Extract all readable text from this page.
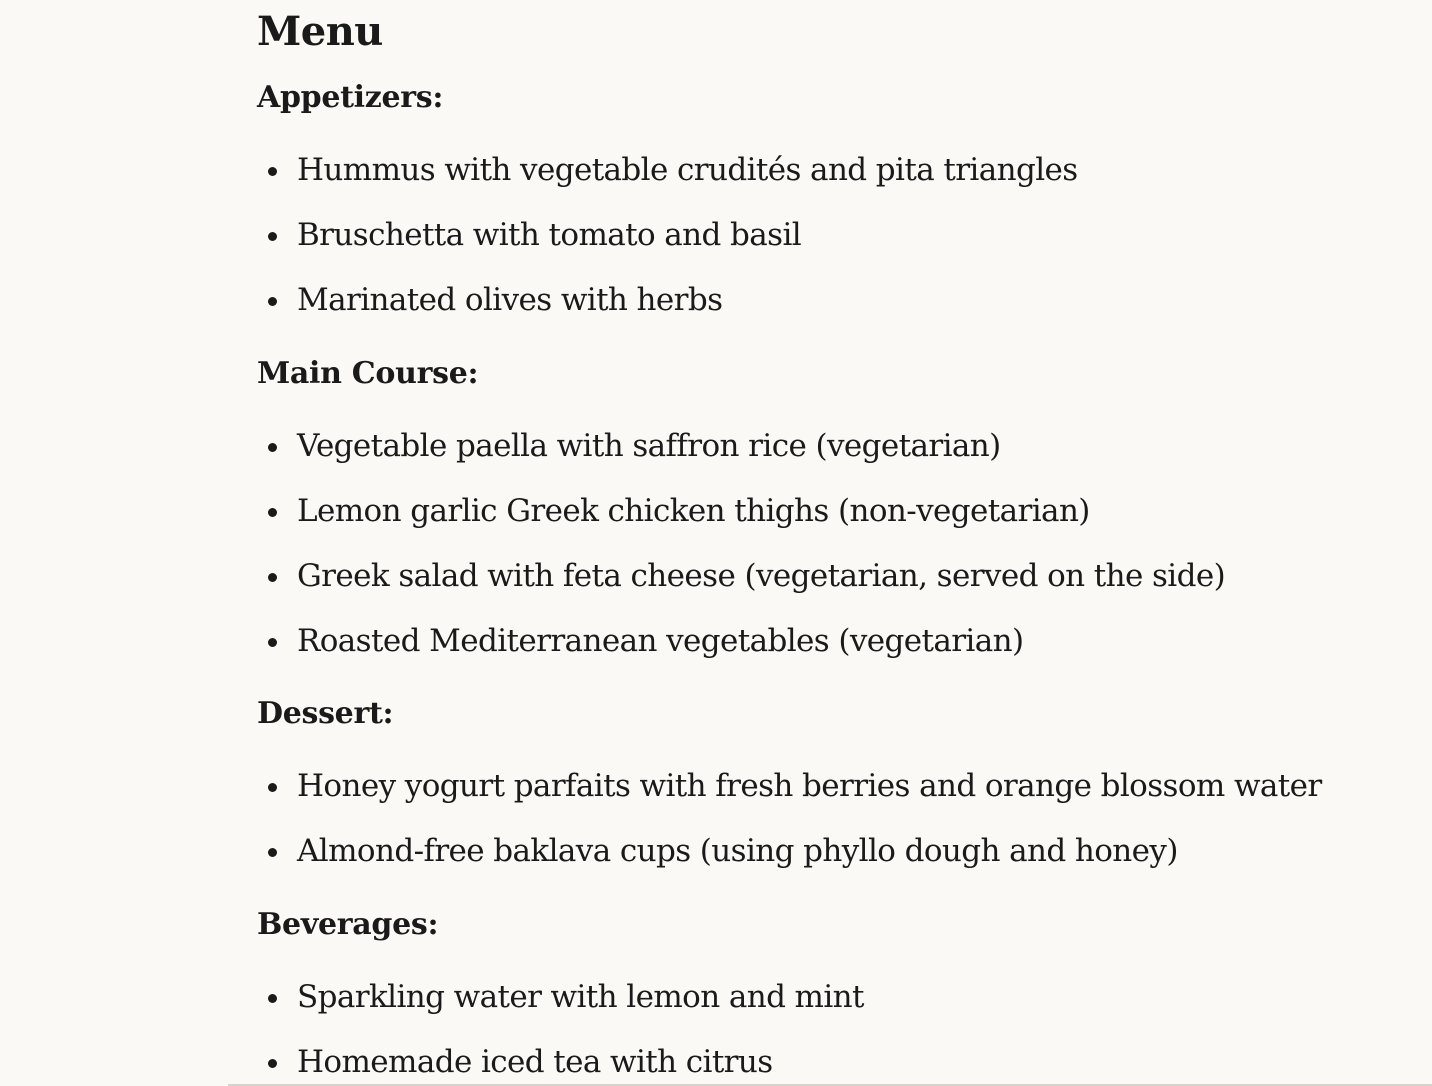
Menu
Appetizers:
Hummus with vegetable crudités and pita triangles
Bruschetta with tomato and basil
Marinated olives with herbs
Main Course:
Vegetable paella with saffron rice (vegetarian)
Lemon garlic Greek chicken thighs (non-vegetarian)
Greek salad with feta cheese (vegetarian, served on the side)
Roasted Mediterranean vegetables (vegetarian)
Dessert:
Honey yogurt parfaits with fresh berries and orange blossom water
Almond-free baklava cups (using phyllo dough and honey)
Beverages:
Sparkling water with lemon and mint
Homemade iced tea with citrus
